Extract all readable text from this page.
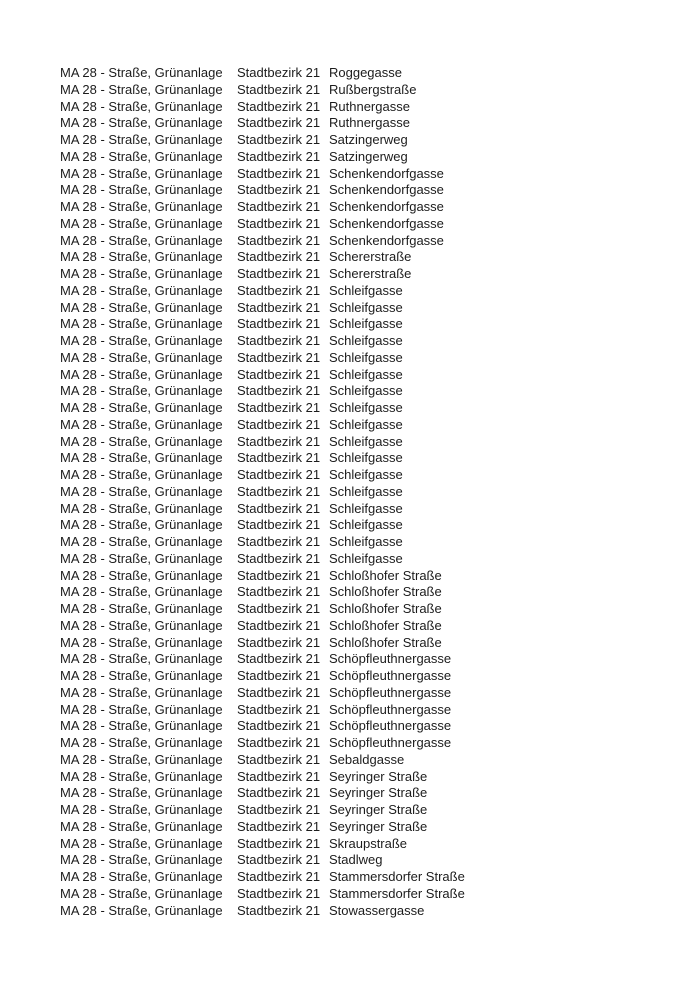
MA 28 - Straße, Grünanlage	Stadtbezirk 21 Roggegasse
MA 28 - Straße, Grünanlage	Stadtbezirk 21 Rußbergstraße
MA 28 - Straße, Grünanlage	Stadtbezirk 21 Ruthnergasse
MA 28 - Straße, Grünanlage	Stadtbezirk 21 Ruthnergasse
MA 28 - Straße, Grünanlage	Stadtbezirk 21 Satzingerweg
MA 28 - Straße, Grünanlage	Stadtbezirk 21 Satzingerweg
MA 28 - Straße, Grünanlage	Stadtbezirk 21 Schenkendorfgasse
MA 28 - Straße, Grünanlage	Stadtbezirk 21 Schenkendorfgasse
MA 28 - Straße, Grünanlage	Stadtbezirk 21 Schenkendorfgasse
MA 28 - Straße, Grünanlage	Stadtbezirk 21 Schenkendorfgasse
MA 28 - Straße, Grünanlage	Stadtbezirk 21 Schenkendorfgasse
MA 28 - Straße, Grünanlage	Stadtbezirk 21 Schererstraße
MA 28 - Straße, Grünanlage	Stadtbezirk 21 Schererstraße
MA 28 - Straße, Grünanlage	Stadtbezirk 21 Schleifgasse
MA 28 - Straße, Grünanlage	Stadtbezirk 21 Schleifgasse
MA 28 - Straße, Grünanlage	Stadtbezirk 21 Schleifgasse
MA 28 - Straße, Grünanlage	Stadtbezirk 21 Schleifgasse
MA 28 - Straße, Grünanlage	Stadtbezirk 21 Schleifgasse
MA 28 - Straße, Grünanlage	Stadtbezirk 21 Schleifgasse
MA 28 - Straße, Grünanlage	Stadtbezirk 21 Schleifgasse
MA 28 - Straße, Grünanlage	Stadtbezirk 21 Schleifgasse
MA 28 - Straße, Grünanlage	Stadtbezirk 21 Schleifgasse
MA 28 - Straße, Grünanlage	Stadtbezirk 21 Schleifgasse
MA 28 - Straße, Grünanlage	Stadtbezirk 21 Schleifgasse
MA 28 - Straße, Grünanlage	Stadtbezirk 21 Schleifgasse
MA 28 - Straße, Grünanlage	Stadtbezirk 21 Schleifgasse
MA 28 - Straße, Grünanlage	Stadtbezirk 21 Schleifgasse
MA 28 - Straße, Grünanlage	Stadtbezirk 21 Schleifgasse
MA 28 - Straße, Grünanlage	Stadtbezirk 21 Schleifgasse
MA 28 - Straße, Grünanlage	Stadtbezirk 21 Schleifgasse
MA 28 - Straße, Grünanlage	Stadtbezirk 21 Schloßhofer Straße
MA 28 - Straße, Grünanlage	Stadtbezirk 21 Schloßhofer Straße
MA 28 - Straße, Grünanlage	Stadtbezirk 21 Schloßhofer Straße
MA 28 - Straße, Grünanlage	Stadtbezirk 21 Schloßhofer Straße
MA 28 - Straße, Grünanlage	Stadtbezirk 21 Schloßhofer Straße
MA 28 - Straße, Grünanlage	Stadtbezirk 21 Schöpfleuthnergasse
MA 28 - Straße, Grünanlage	Stadtbezirk 21 Schöpfleuthnergasse
MA 28 - Straße, Grünanlage	Stadtbezirk 21 Schöpfleuthnergasse
MA 28 - Straße, Grünanlage	Stadtbezirk 21 Schöpfleuthnergasse
MA 28 - Straße, Grünanlage	Stadtbezirk 21 Schöpfleuthnergasse
MA 28 - Straße, Grünanlage	Stadtbezirk 21 Schöpfleuthnergasse
MA 28 - Straße, Grünanlage	Stadtbezirk 21 Sebaldgasse
MA 28 - Straße, Grünanlage	Stadtbezirk 21 Seyringer Straße
MA 28 - Straße, Grünanlage	Stadtbezirk 21 Seyringer Straße
MA 28 - Straße, Grünanlage	Stadtbezirk 21 Seyringer Straße
MA 28 - Straße, Grünanlage	Stadtbezirk 21 Seyringer Straße
MA 28 - Straße, Grünanlage	Stadtbezirk 21 Skraupstraße
MA 28 - Straße, Grünanlage	Stadtbezirk 21 Stadlweg
MA 28 - Straße, Grünanlage	Stadtbezirk 21 Stammersdorfer Straße
MA 28 - Straße, Grünanlage	Stadtbezirk 21 Stammersdorfer Straße
MA 28 - Straße, Grünanlage	Stadtbezirk 21 Stowassergasse
